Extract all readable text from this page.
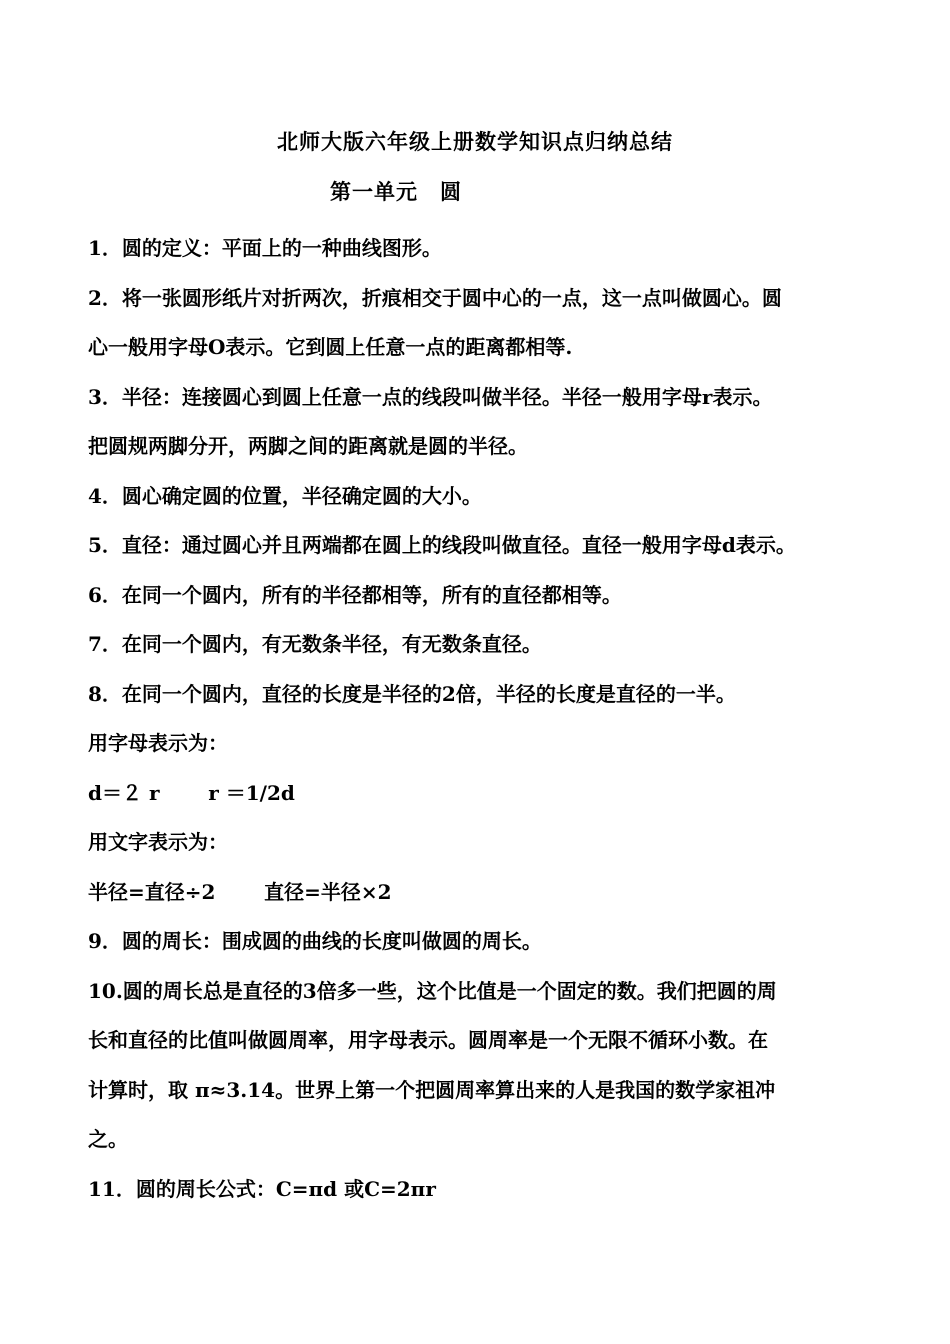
北师大版六年级上册数学知识点归纳总结
第一单元　圆
1．圆的定义：平面上的一种曲线图形。
2．将一张圆形纸片对折两次，折痕相交于圆中心的一点，这一点叫做圆心。圆
心一般用字母O表示。它到圆上任意一点的距离都相等.
3．半径：连接圆心到圆上任意一点的线段叫做半径。半径一般用字母r表示。
把圆规两脚分开，两脚之间的距离就是圆的半径。
4．圆心确定圆的位置，半径确定圆的大小。
5．直径：通过圆心并且两端都在圆上的线段叫做直径。直径一般用字母d表示。
6．在同一个圆内，所有的半径都相等，所有的直径都相等。
7．在同一个圆内，有无数条半径，有无数条直径。
8．在同一个圆内，直径的长度是半径的2倍，半径的长度是直径的一半。
用字母表示为：
d＝２ r       r ＝1/2d
用文字表示为：
半径=直径÷2       直径=半径×2
9．圆的周长：围成圆的曲线的长度叫做圆的周长。
10.圆的周长总是直径的3倍多一些，这个比值是一个固定的数。我们把圆的周
长和直径的比值叫做圆周率，用字母表示。圆周率是一个无限不循环小数。在
计算时，取 π≈3.14。世界上第一个把圆周率算出来的人是我国的数学家祖冲
之。
11．圆的周长公式：C=πd 或C=2πr
